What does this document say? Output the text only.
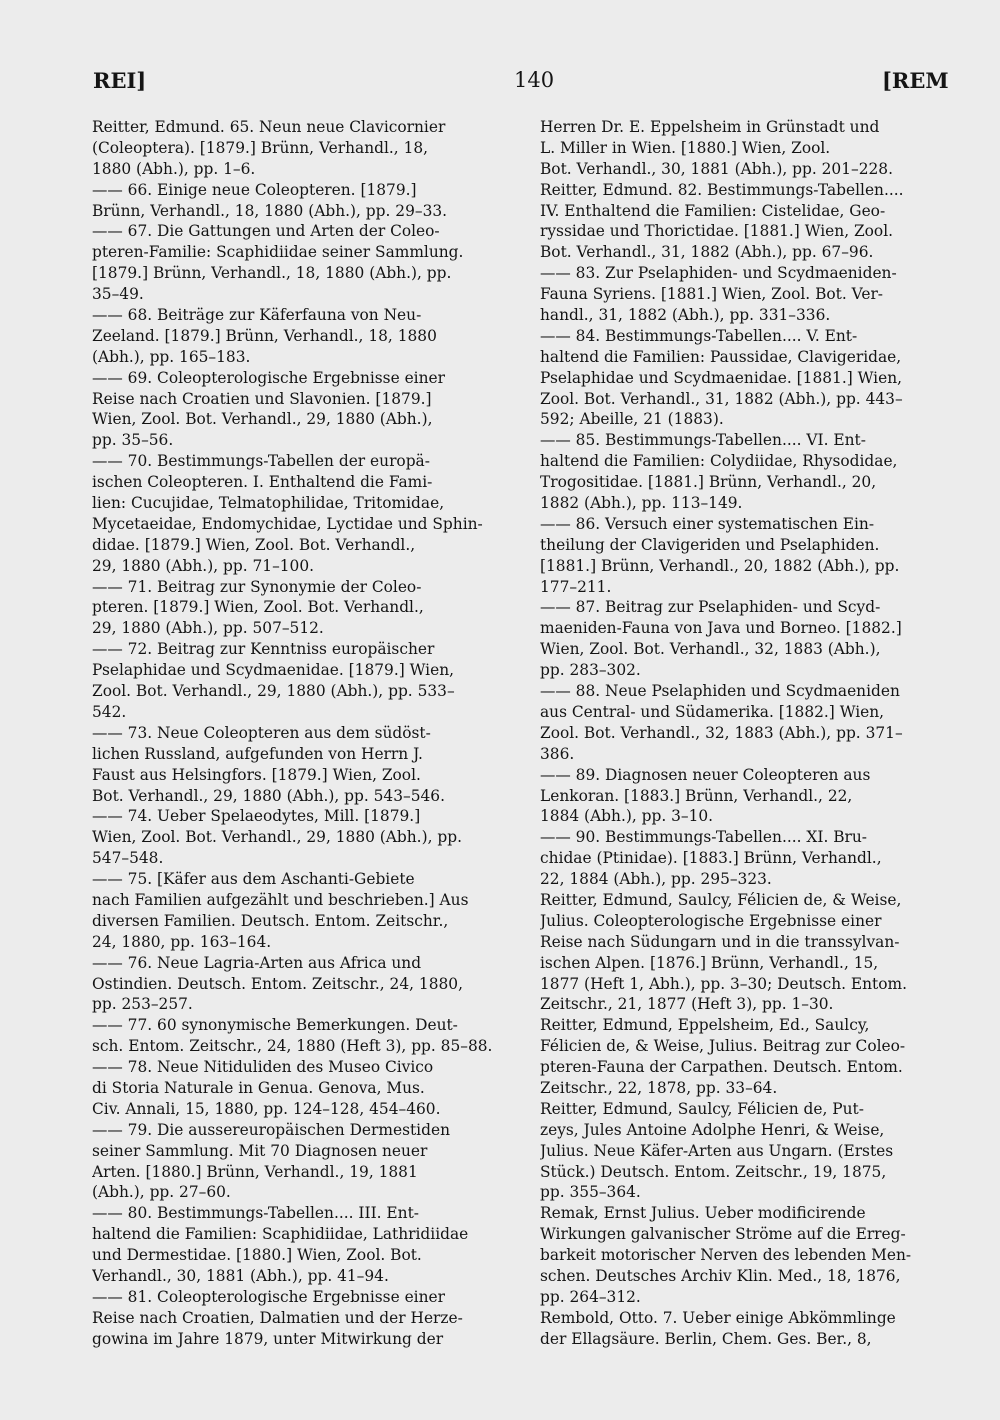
REI]	140	[REM
Reitter, Edmund. 65. Neun neue Clavicornier
(Coleoptera). [1879.] Brünn, Verhandl., 18,
1880 (Abh.), pp. 1–6.
—— 66. Einige neue Coleopteren. [1879.]
Brünn, Verhandl., 18, 1880 (Abh.), pp. 29–33.
—— 67. Die Gattungen und Arten der Coleo-
pteren-Familie: Scaphidiidae seiner Sammlung.
[1879.] Brünn, Verhandl., 18, 1880 (Abh.), pp.
35–49.
—— 68. Beiträge zur Käferfauna von Neu-
Zeeland. [1879.] Brünn, Verhandl., 18, 1880
(Abh.), pp. 165–183.
—— 69. Coleopterologische Ergebnisse einer
Reise nach Croatien und Slavonien. [1879.]
Wien, Zool. Bot. Verhandl., 29, 1880 (Abh.),
pp. 35–56.
—— 70. Bestimmungs-Tabellen der europä-
ischen Coleopteren. I. Enthaltend die Fami-
lien: Cucujidae, Telmatophilidae, Tritomidae,
Mycetaeidae, Endomychidae, Lyctidae und Sphin-
didae. [1879.] Wien, Zool. Bot. Verhandl.,
29, 1880 (Abh.), pp. 71–100.
—— 71. Beitrag zur Synonymie der Coleo-
pteren. [1879.] Wien, Zool. Bot. Verhandl.,
29, 1880 (Abh.), pp. 507–512.
—— 72. Beitrag zur Kenntniss europäischer
Pselaphidae und Scydmaenidae. [1879.] Wien,
Zool. Bot. Verhandl., 29, 1880 (Abh.), pp. 533–
542.
—— 73. Neue Coleopteren aus dem südöst-
lichen Russland, aufgefunden von Herrn J.
Faust aus Helsingfors. [1879.] Wien, Zool.
Bot. Verhandl., 29, 1880 (Abh.), pp. 543–546.
—— 74. Ueber Spelaeodytes, Mill. [1879.]
Wien, Zool. Bot. Verhandl., 29, 1880 (Abh.), pp.
547–548.
—— 75. [Käfer aus dem Aschanti-Gebiete
nach Familien aufgezählt und beschrieben.] Aus
diversen Familien. Deutsch. Entom. Zeitschr.,
24, 1880, pp. 163–164.
—— 76. Neue Lagria-Arten aus Africa und
Ostindien. Deutsch. Entom. Zeitschr., 24, 1880,
pp. 253–257.
—— 77. 60 synonymische Bemerkungen. Deut-
sch. Entom. Zeitschr., 24, 1880 (Heft 3), pp. 85–88.
—— 78. Neue Nitiduliden des Museo Civico
di Storia Naturale in Genua. Genova, Mus.
Civ. Annali, 15, 1880, pp. 124–128, 454–460.
—— 79. Die aussereuropäischen Dermestiden
seiner Sammlung. Mit 70 Diagnosen neuer
Arten. [1880.] Brünn, Verhandl., 19, 1881
(Abh.), pp. 27–60.
—— 80. Bestimmungs-Tabellen.... III. Ent-
haltend die Familien: Scaphidiidae, Lathridiidae
und Dermestidae. [1880.] Wien, Zool. Bot.
Verhandl., 30, 1881 (Abh.), pp. 41–94.
—— 81. Coleopterologische Ergebnisse einer
Reise nach Croatien, Dalmatien und der Herze-
gowina im Jahre 1879, unter Mitwirkung der
Herren Dr. E. Eppelsheim in Grünstadt und
L. Miller in Wien. [1880.] Wien, Zool.
Bot. Verhandl., 30, 1881 (Abh.), pp. 201–228.
Reitter, Edmund. 82. Bestimmungs-Tabellen....
IV. Enthaltend die Familien: Cistelidae, Geo-
ryssidae und Thorictidae. [1881.] Wien, Zool.
Bot. Verhandl., 31, 1882 (Abh.), pp. 67–96.
—— 83. Zur Pselaphiden- und Scydmaeniden-
Fauna Syriens. [1881.] Wien, Zool. Bot. Ver-
handl., 31, 1882 (Abh.), pp. 331–336.
—— 84. Bestimmungs-Tabellen.... V. Ent-
haltend die Familien: Paussidae, Clavigeridae,
Pselaphidae und Scydmaenidae. [1881.] Wien,
Zool. Bot. Verhandl., 31, 1882 (Abh.), pp. 443–
592; Abeille, 21 (1883).
—— 85. Bestimmungs-Tabellen.... VI. Ent-
haltend die Familien: Colydiidae, Rhysodidae,
Trogositidae. [1881.] Brünn, Verhandl., 20,
1882 (Abh.), pp. 113–149.
—— 86. Versuch einer systematischen Ein-
theilung der Clavigeriden und Pselaphiden.
[1881.] Brünn, Verhandl., 20, 1882 (Abh.), pp.
177–211.
—— 87. Beitrag zur Pselaphiden- und Scyd-
maeniden-Fauna von Java und Borneo. [1882.]
Wien, Zool. Bot. Verhandl., 32, 1883 (Abh.),
pp. 283–302.
—— 88. Neue Pselaphiden und Scydmaeniden
aus Central- und Südamerika. [1882.] Wien,
Zool. Bot. Verhandl., 32, 1883 (Abh.), pp. 371–
386.
—— 89. Diagnosen neuer Coleopteren aus
Lenkoran. [1883.] Brünn, Verhandl., 22,
1884 (Abh.), pp. 3–10.
—— 90. Bestimmungs-Tabellen.... XI. Bru-
chidae (Ptinidae). [1883.] Brünn, Verhandl.,
22, 1884 (Abh.), pp. 295–323.
Reitter, Edmund, Saulcy, Félicien de, & Weise,
Julius. Coleopterologische Ergebnisse einer
Reise nach Südungarn und in die transsylvan-
ischen Alpen. [1876.] Brünn, Verhandl., 15,
1877 (Heft 1, Abh.), pp. 3–30; Deutsch. Entom.
Zeitschr., 21, 1877 (Heft 3), pp. 1–30.
Reitter, Edmund, Eppelsheim, Ed., Saulcy,
Félicien de, & Weise, Julius. Beitrag zur Coleo-
pteren-Fauna der Carpathen. Deutsch. Entom.
Zeitschr., 22, 1878, pp. 33–64.
Reitter, Edmund, Saulcy, Félicien de, Put-
zeys, Jules Antoine Adolphe Henri, & Weise,
Julius. Neue Käfer-Arten aus Ungarn. (Erstes
Stück.) Deutsch. Entom. Zeitschr., 19, 1875,
pp. 355–364.
Remak, Ernst Julius. Ueber modificirende
Wirkungen galvanischer Ströme auf die Erreg-
barkeit motorischer Nerven des lebenden Men-
schen. Deutsches Archiv Klin. Med., 18, 1876,
pp. 264–312.
Rembold, Otto. 7. Ueber einige Abkömmlinge
der Ellagsäure. Berlin, Chem. Ges. Ber., 8,
